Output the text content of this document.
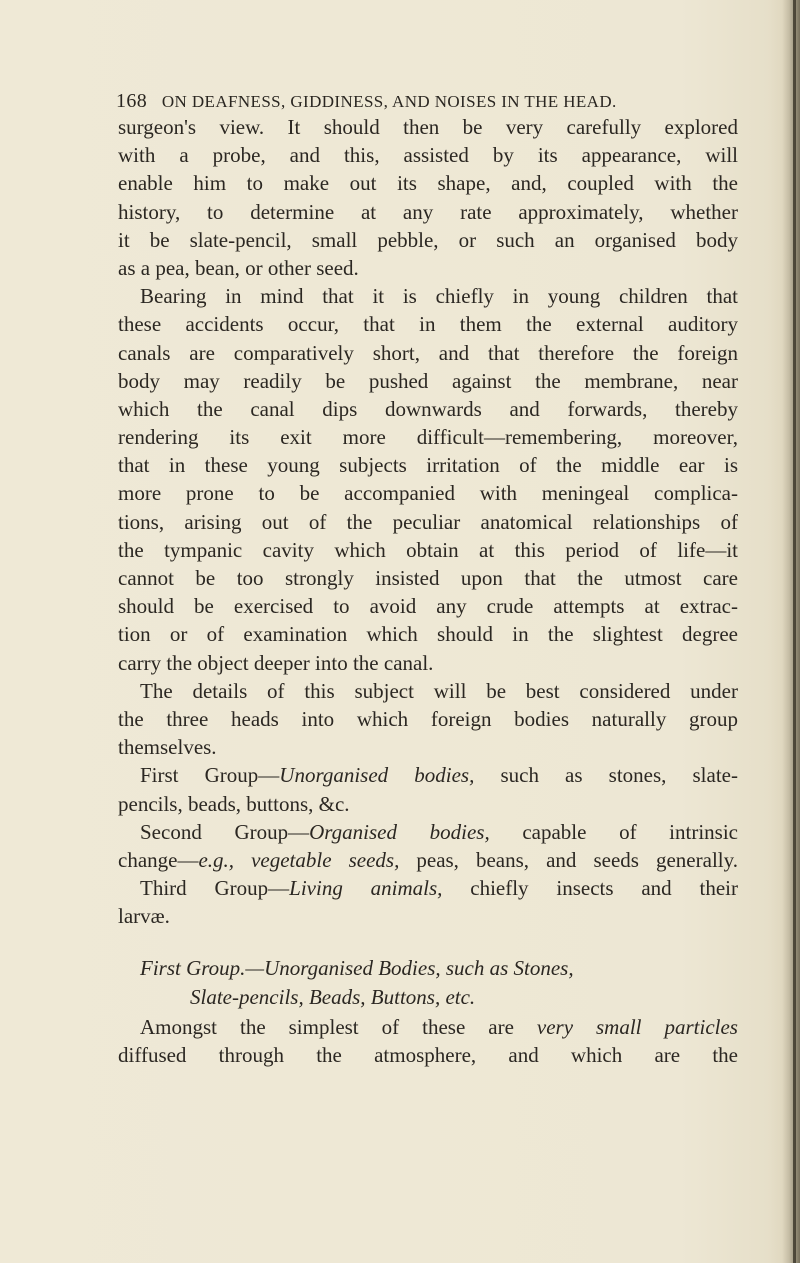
168 ON DEAFNESS, GIDDINESS, AND NOISES IN THE HEAD.
surgeon's view. It should then be very carefully explored
with a probe, and this, assisted by its appearance, will
enable him to make out its shape, and, coupled with the
history, to determine at any rate approximately, whether
it be slate-pencil, small pebble, or such an organised body
as a pea, bean, or other seed.
Bearing in mind that it is chiefly in young children that
these accidents occur, that in them the external auditory
canals are comparatively short, and that therefore the foreign
body may readily be pushed against the membrane, near
which the canal dips downwards and forwards, thereby
rendering its exit more difficult—remembering, moreover,
that in these young subjects irritation of the middle ear is
more prone to be accompanied with meningeal complica-
tions, arising out of the peculiar anatomical relationships of
the tympanic cavity which obtain at this period of life—it
cannot be too strongly insisted upon that the utmost care
should be exercised to avoid any crude attempts at extrac-
tion or of examination which should in the slightest degree
carry the object deeper into the canal.
The details of this subject will be best considered under
the three heads into which foreign bodies naturally group
themselves.
First Group—Unorganised bodies, such as stones, slate-
pencils, beads, buttons, &c.
Second Group—Organised bodies, capable of intrinsic
change—e.g., vegetable seeds, peas, beans, and seeds generally.
Third Group—Living animals, chiefly insects and their
larvæ.
First Group.—Unorganised Bodies, such as Stones,
Slate-pencils, Beads, Buttons, etc.
Amongst the simplest of these are very small particles
diffused through the atmosphere, and which are the
